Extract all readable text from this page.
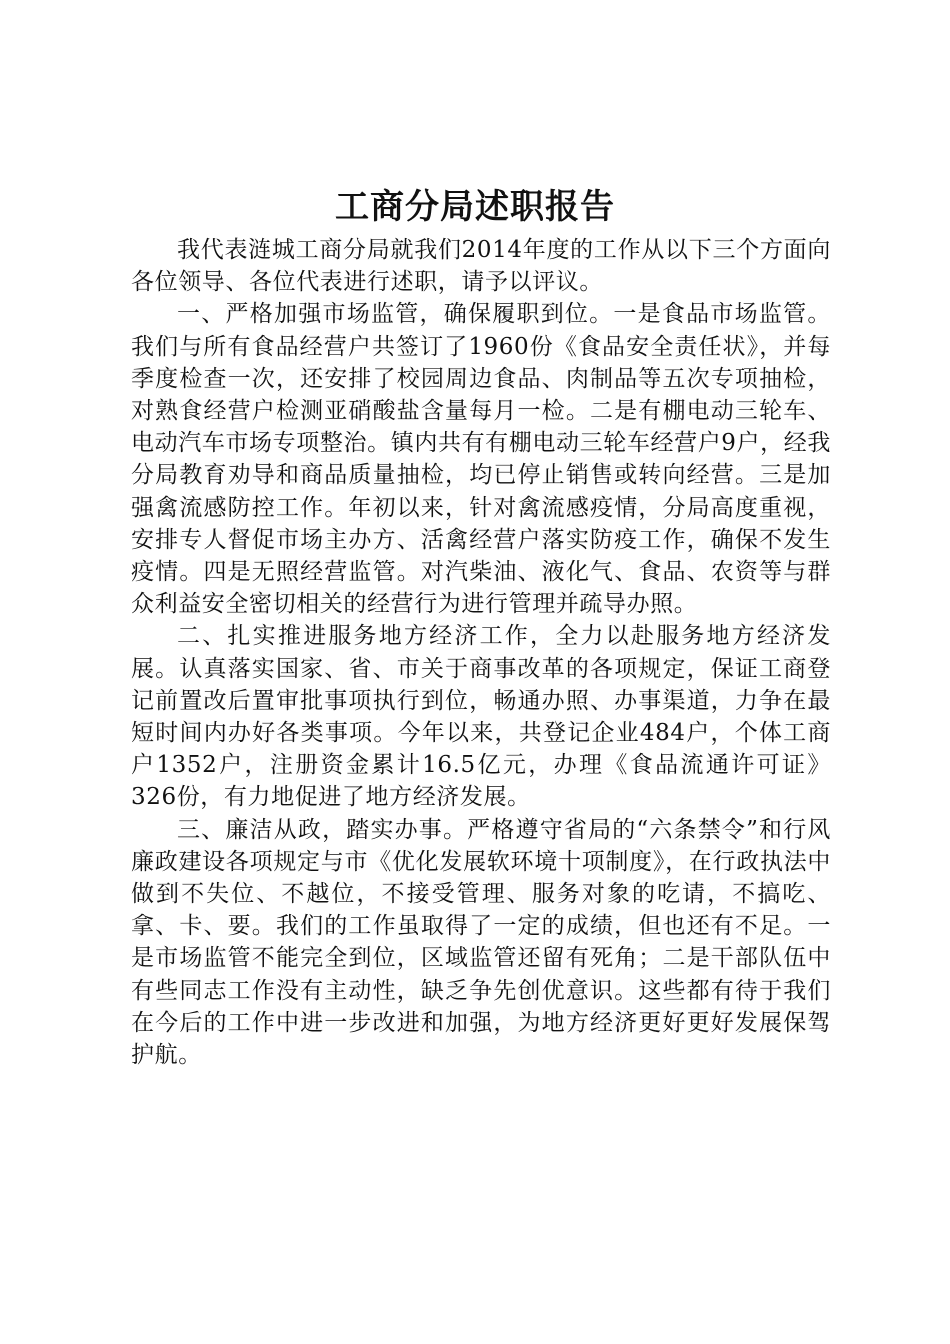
工商分局述职报告

我代表涟城工商分局就我们2014年度的工作从以下三个方面向各位领导、各位代表进行述职，请予以评议。

一、严格加强市场监管，确保履职到位。一是食品市场监管。我们与所有食品经营户共签订了1960份《食品安全责任状》，并每季度检查一次，还安排了校园周边食品、肉制品等五次专项抽检，对熟食经营户检测亚硝酸盐含量每月一检。二是有棚电动三轮车、电动汽车市场专项整治。镇内共有有棚电动三轮车经营户9户，经我分局教育劝导和商品质量抽检，均已停止销售或转向经营。三是加强禽流感防控工作。年初以来，针对禽流感疫情，分局高度重视，安排专人督促市场主办方、活禽经营户落实防疫工作，确保不发生疫情。四是无照经营监管。对汽柴油、液化气、食品、农资等与群众利益安全密切相关的经营行为进行管理并疏导办照。

二、扎实推进服务地方经济工作，全力以赴服务地方经济发展。认真落实国家、省、市关于商事改革的各项规定，保证工商登记前置改后置审批事项执行到位，畅通办照、办事渠道，力争在最短时间内办好各类事项。今年以来，共登记企业484户，个体工商户1352户，注册资金累计16.5亿元，办理《食品流通许可证》326份，有力地促进了地方经济发展。

三、廉洁从政，踏实办事。严格遵守省局的“六条禁令”和行风廉政建设各项规定与市《优化发展软环境十项制度》，在行政执法中做到不失位、不越位，不接受管理、服务对象的吃请，不搞吃、拿、卡、要。我们的工作虽取得了一定的成绩，但也还有不足。一是市场监管不能完全到位，区域监管还留有死角；二是干部队伍中有些同志工作没有主动性，缺乏争先创优意识。这些都有待于我们在今后的工作中进一步改进和加强，为地方经济更好更好发展保驾护航。
